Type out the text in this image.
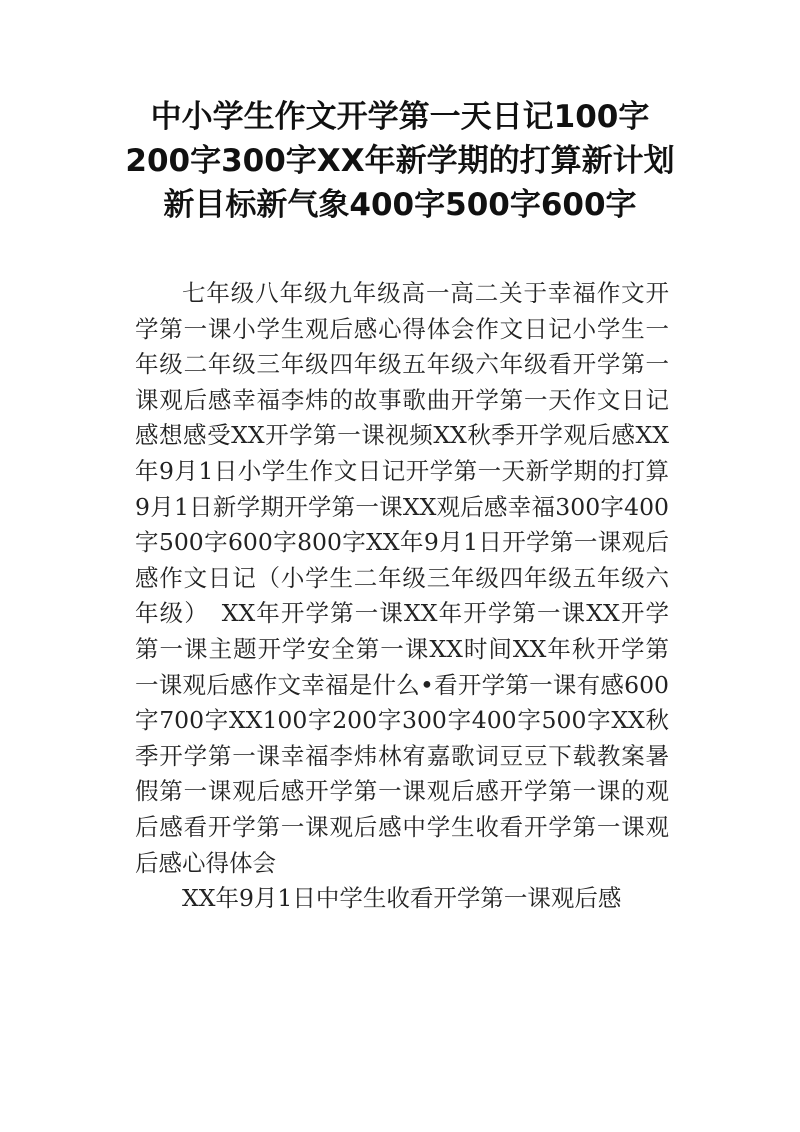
中小学生作文开学第一天日记100字200字300字XX年新学期的打算新计划新目标新气象400字500字600字

七年级八年级九年级高一高二关于幸福作文开学第一课小学生观后感心得体会作文日记小学生一年级二年级三年级四年级五年级六年级看开学第一课观后感幸福李炜的故事歌曲开学第一天作文日记感想感受XX开学第一课视频XX秋季开学观后感XX年9月1日小学生作文日记开学第一天新学期的打算9月1日新学期开学第一课XX观后感幸福300字400字500字600字800字XX年9月1日开学第一课观后感作文日记（小学生二年级三年级四年级五年级六年级）　XX年开学第一课XX年开学第一课XX开学第一课主题开学安全第一课XX时间XX年秋开学第一课观后感作文幸福是什么•看开学第一课有感600字700字XX100字200字300字400字500字XX秋季开学第一课幸福李炜林宥嘉歌词豆豆下载教案暑假第一课观后感开学第一课观后感开学第一课的观后感看开学第一课观后感中学生收看开学第一课观后感心得体会

XX年9月1日中学生收看开学第一课观后感
